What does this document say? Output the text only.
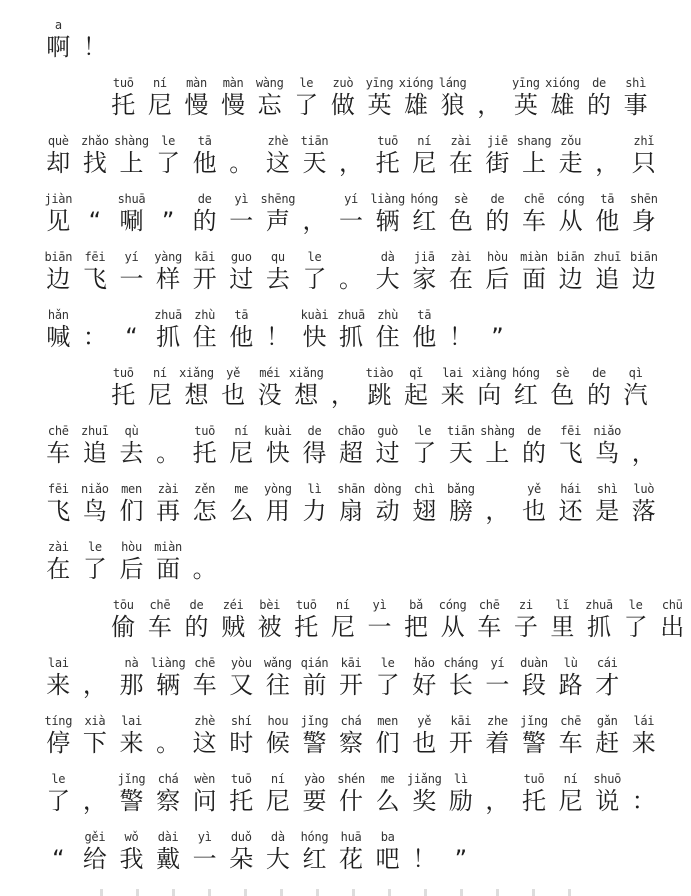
a
啊 ！
tuō
托
ní
尼
màn
慢
màn
慢
wàng
忘
le
了
zuò
做
yīng
英
xióng
雄
láng
狼 ，
yīng
英
xióng
雄
de
的
shì
事
què
却
zhǎo
找
shàng
上
le
了
tā
他 。
zhè
这
tiān
天 ，
tuō
托
ní
尼
zài
在
jiē
街
shang
上
zǒu
走 ，
zhǐ
只
jiàn
见 “
shuā
唰 ”
de
的
yì
一
shēng
声 ，
yí
一
liàng
辆
hóng
红
sè
色
de
的
chē
车
cóng
从
tā
他
shēn
身
biān
边
fēi
飞
yí
一
yàng
样
kāi
开
guo
过
qu
去
le
了 。
dà
大
jiā
家
zài
在
hòu
后
miàn
面
biān
边
zhuī
追
biān
边
hǎn
喊 ： “
zhuā
抓
zhù
住
tā
他 ！
kuài
快
zhuā
抓
zhù
住
tā
他 ！ ”
tuō
托
ní
尼
xiǎng
想
yě
也
méi
没
xiǎng
想 ，
tiào
跳
qǐ
起
lai
来
xiàng
向
hóng
红
sè
色
de
的
qì
汽
chē
车
zhuī
追
qù
去 。
tuō
托
ní
尼
kuài
快
de
得
chāo
超
guò
过
le
了
tiān
天
shàng
上
de
的
fēi
飞
niǎo
鸟 ，
fēi
飞
niǎo
鸟
men
们
zài
再
zěn
怎
me
么
yòng
用
lì
力
shān
扇
dòng
动
chì
翅
bǎng
膀 ，
yě
也
hái
还
shì
是
luò
落
zài
在
le
了
hòu
后
miàn
面 。
tōu
偷
chē
车
de
的
zéi
贼
bèi
被
tuō
托
ní
尼
yì
一
bǎ
把
cóng
从
chē
车
zi
子
lǐ
里
zhuā
抓
le
了
chū
出
lai
来 ，
nà
那
liàng
辆
chē
车
yòu
又
wǎng
往
qián
前
kāi
开
le
了
hǎo
好
cháng
长
yí
一
duàn
段
lù
路
cái
才
tíng
停
xià
下
lai
来 。
zhè
这
shí
时
hou
候
jǐng
警
chá
察
men
们
yě
也
kāi
开
zhe
着
jǐng
警
chē
车
gǎn
赶
lái
来
le
了 ，
jǐng
警
chá
察
wèn
问
tuō
托
ní
尼
yào
要
shén
什
me
么
jiǎng
奖
lì
励 ，
tuō
托
ní
尼
shuō
说 ：
“
gěi
给
wǒ
我
dài
戴
yì
一
duǒ
朵
dà
大
hóng
红
huā
花
ba
吧 ！ ”
